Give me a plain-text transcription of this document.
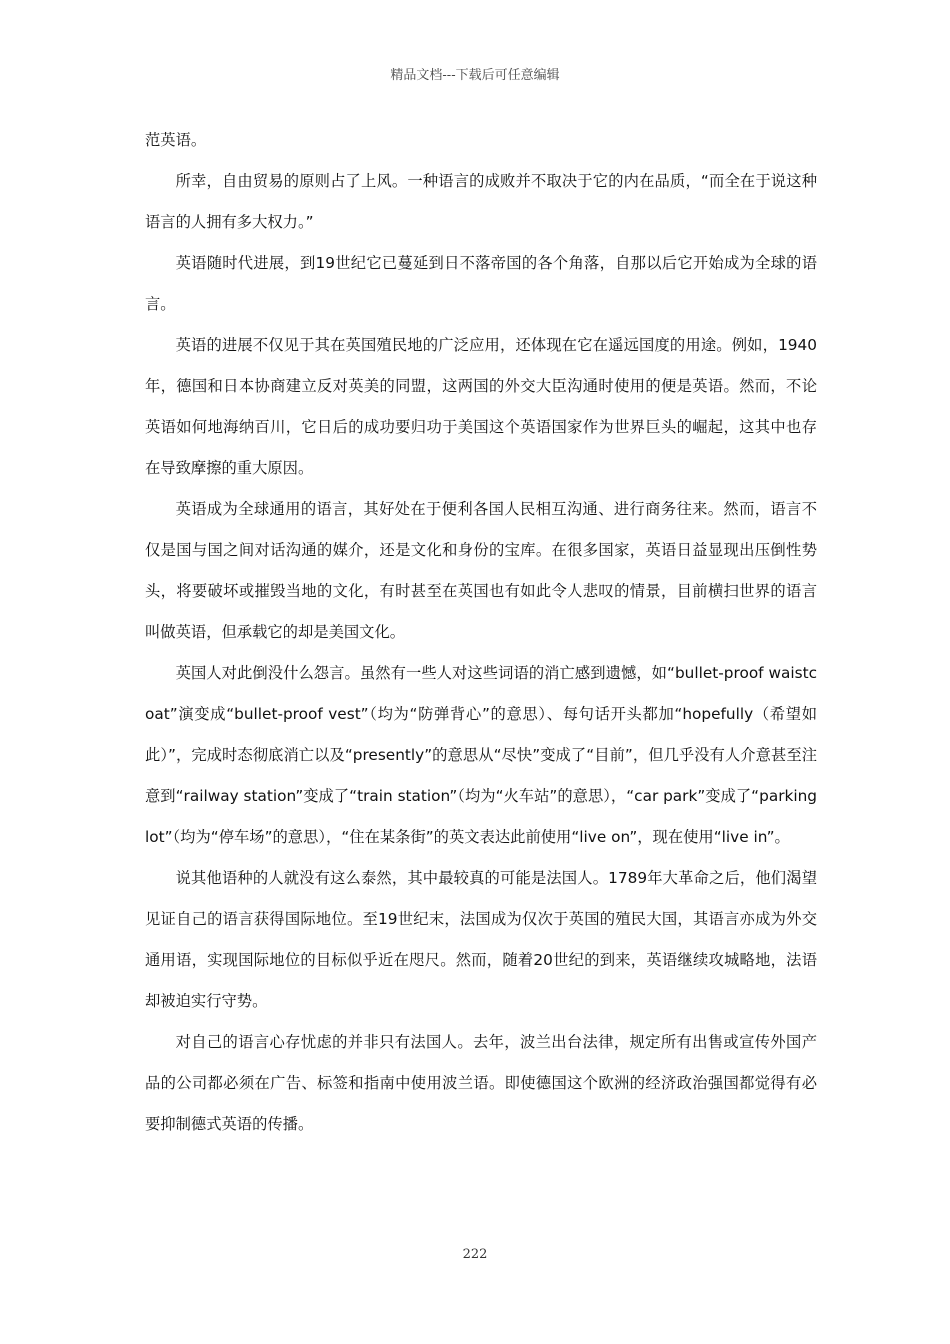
精品文档---下载后可任意编辑

范英语。

所幸，自由贸易的原则占了上风。一种语言的成败并不取决于它的内在品质，“而全在于说这种语言的人拥有多大权力。”

英语随时代进展，到19世纪它已蔓延到日不落帝国的各个角落，自那以后它开始成为全球的语言。

英语的进展不仅见于其在英国殖民地的广泛应用，还体现在它在遥远国度的用途。例如，1940年，德国和日本协商建立反对英美的同盟，这两国的外交大臣沟通时使用的便是英语。然而，不论英语如何地海纳百川，它日后的成功要归功于美国这个英语国家作为世界巨头的崛起，这其中也存在导致摩擦的重大原因。

英语成为全球通用的语言，其好处在于便利各国人民相互沟通、进行商务往来。然而，语言不仅是国与国之间对话沟通的媒介，还是文化和身份的宝库。在很多国家，英语日益显现出压倒性势头，将要破坏或摧毁当地的文化，有时甚至在英国也有如此令人悲叹的情景，目前横扫世界的语言叫做英语，但承载它的却是美国文化。

英国人对此倒没什么怨言。虽然有一些人对这些词语的消亡感到遗憾，如“bullet-proof waistcoat”演变成“bullet-proof vest”（均为“防弹背心”的意思）、每句话开头都加“hopefully（希望如此）”，完成时态彻底消亡以及“presently”的意思从“尽快”变成了“目前”，但几乎没有人介意甚至注意到“railway station”变成了“train station”（均为“火车站”的意思），“car park”变成了“parking lot”（均为“停车场”的意思），“住在某条街”的英文表达此前使用“live on”，现在使用“live in”。

说其他语种的人就没有这么泰然，其中最较真的可能是法国人。1789年大革命之后，他们渴望见证自己的语言获得国际地位。至19世纪末，法国成为仅次于英国的殖民大国，其语言亦成为外交通用语，实现国际地位的目标似乎近在咫尺。然而，随着20世纪的到来，英语继续攻城略地，法语却被迫实行守势。

对自己的语言心存忧虑的并非只有法国人。去年，波兰出台法律，规定所有出售或宣传外国产品的公司都必须在广告、标签和指南中使用波兰语。即使德国这个欧洲的经济政治强国都觉得有必要抑制德式英语的传播。

222
